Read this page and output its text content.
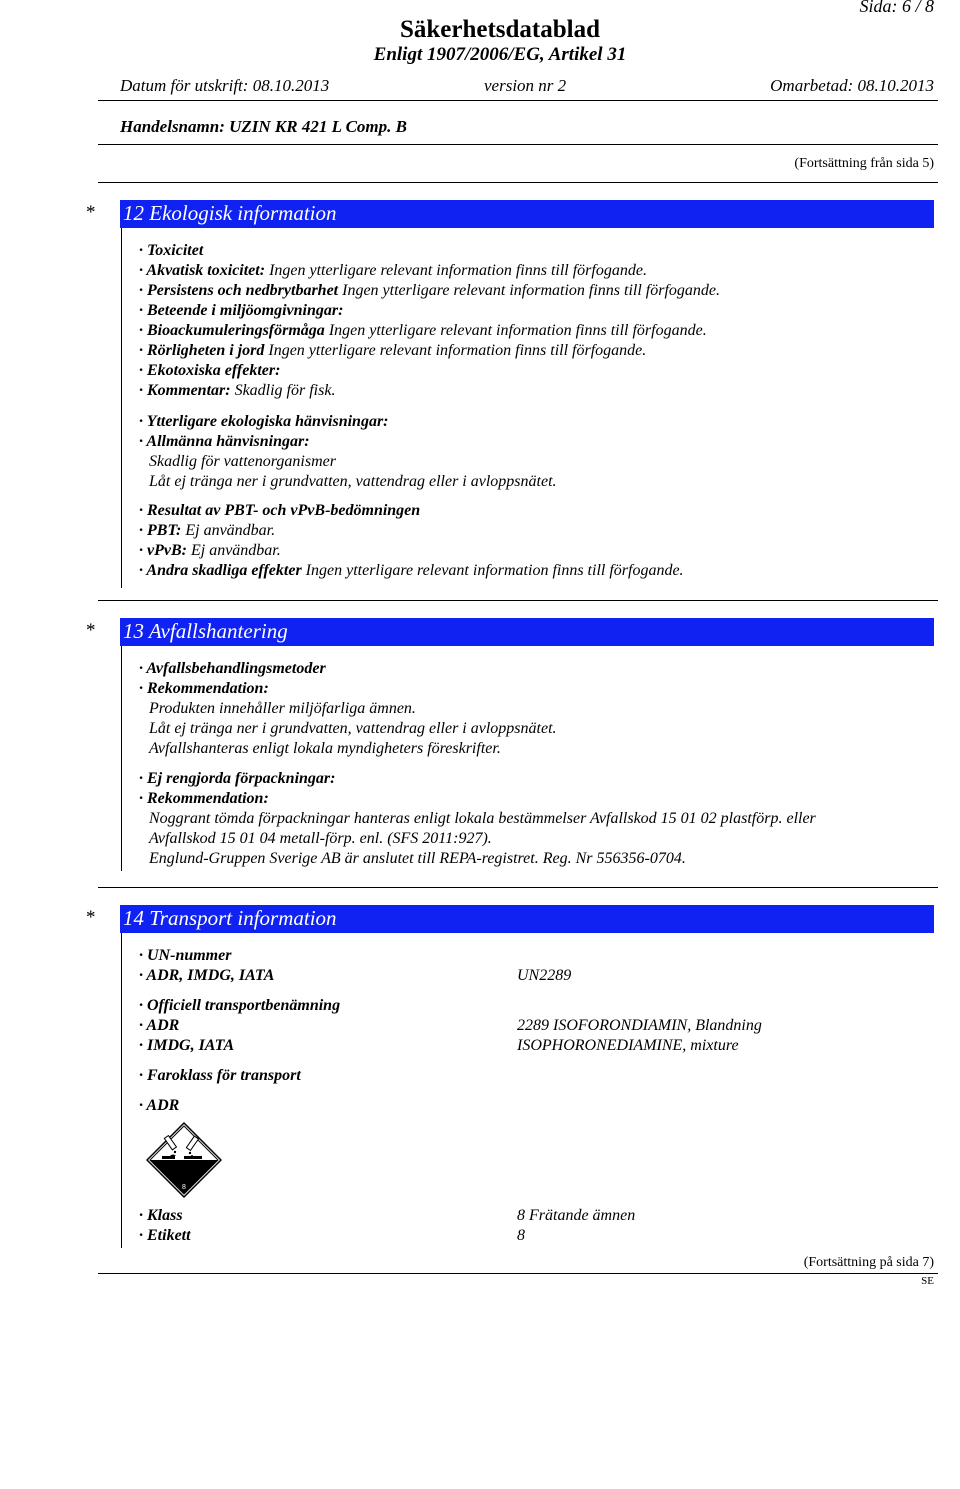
Sida: 6 / 8
Säkerhetsdatablad
Enligt 1907/2006/EG, Artikel 31
Datum för utskrift: 08.10.2013	version nr 2	Omarbetad: 08.10.2013
Handelsnamn: UZIN KR 421 L Comp. B
(Fortsättning från sida 5)
* 12 Ekologisk information
· Toxicitet
· Akvatisk toxicitet: Ingen ytterligare relevant information finns till förfogande.
· Persistens och nedbrytbarhet Ingen ytterligare relevant information finns till förfogande.
· Beteende i miljöomgivningar:
· Bioackumuleringsförmåga Ingen ytterligare relevant information finns till förfogande.
· Rörligheten i jord Ingen ytterligare relevant information finns till förfogande.
· Ekotoxiska effekter:
· Kommentar: Skadlig för fisk.
· Ytterligare ekologiska hänvisningar:
· Allmänna hänvisningar:
Skadlig för vattenorganismer
Låt ej tränga ner i grundvatten, vattendrag eller i avloppsnätet.
· Resultat av PBT- och vPvB-bedömningen
· PBT: Ej användbar.
· vPvB: Ej användbar.
· Andra skadliga effekter Ingen ytterligare relevant information finns till förfogande.
* 13 Avfallshantering
· Avfallsbehandlingsmetoder
· Rekommendation:
Produkten innehåller miljöfarliga ämnen.
Låt ej tränga ner i grundvatten, vattendrag eller i avloppsnätet.
Avfallshanteras enligt lokala myndigheters föreskrifter.
· Ej rengjorda förpackningar:
· Rekommendation:
Noggrant tömda förpackningar hanteras enligt lokala bestämmelser Avfallskod 15 01 02 plastförp. eller
Avfallskod 15 01 04 metall-förp. enl. (SFS 2011:927).
Englund-Gruppen Sverige AB är anslutet till REPA-registret. Reg. Nr 556356-0704.
* 14 Transport information
· UN-nummer
· ADR, IMDG, IATA	UN2289
· Officiell transportbenämning
· ADR	2289 ISOFORONDIAMIN, Blandning
· IMDG, IATA	ISOPHORONEDIAMINE, mixture
· Faroklass för transport
· ADR
8
· Klass	8 Frätande ämnen
· Etikett	8
(Fortsättning på sida 7)
SE
